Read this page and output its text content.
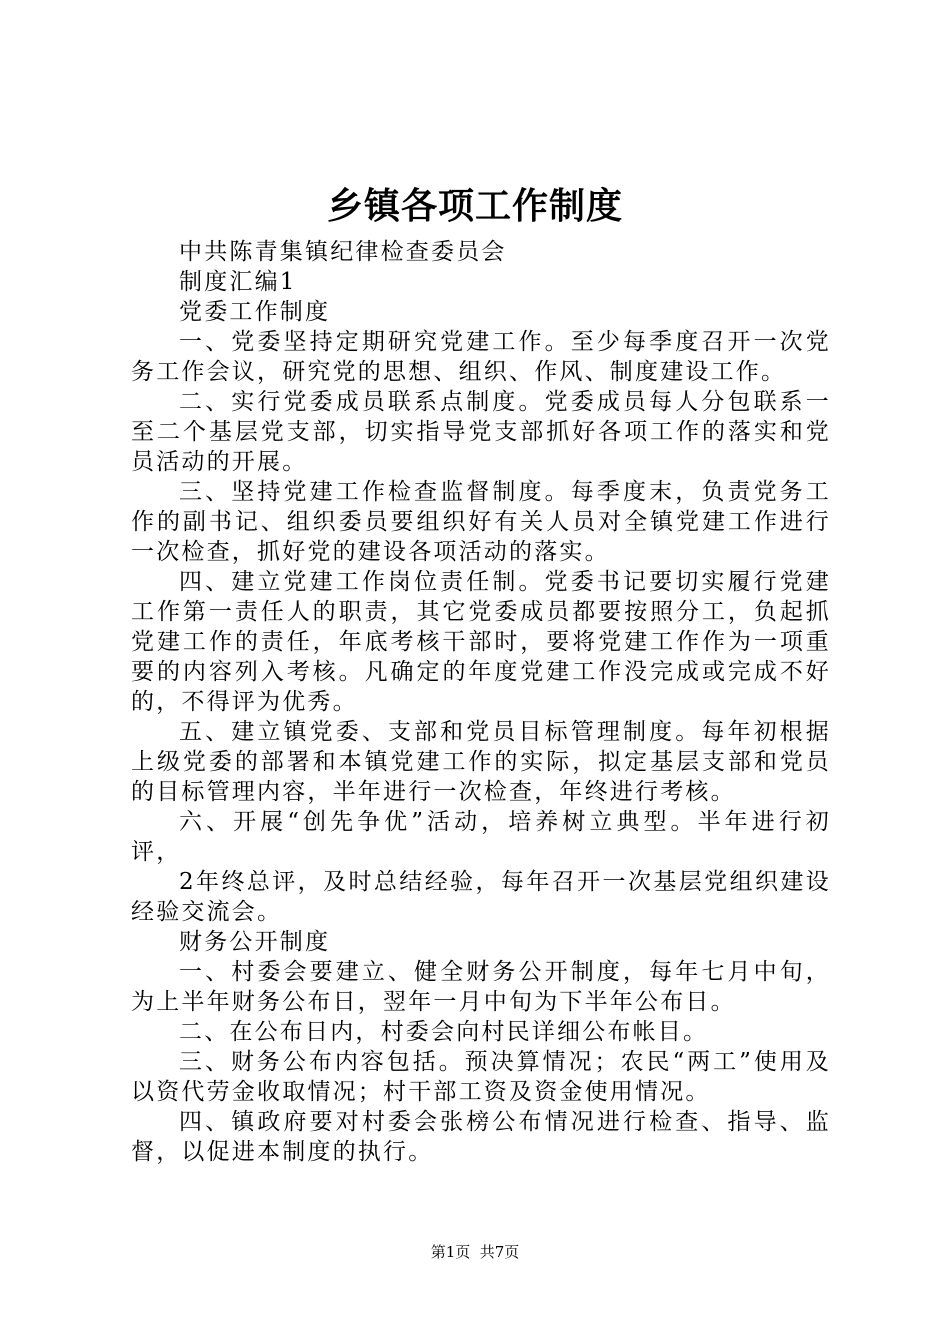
乡镇各项工作制度

中共陈青集镇纪律检查委员会

制度汇编1

党委工作制度

一、党委坚持定期研究党建工作。至少每季度召开一次党务工作会议，研究党的思想、组织、作风、制度建设工作。

二、实行党委成员联系点制度。党委成员每人分包联系一至二个基层党支部，切实指导党支部抓好各项工作的落实和党员活动的开展。

三、坚持党建工作检查监督制度。每季度末，负责党务工作的副书记、组织委员要组织好有关人员对全镇党建工作进行一次检查，抓好党的建设各项活动的落实。

四、建立党建工作岗位责任制。党委书记要切实履行党建工作第一责任人的职责，其它党委成员都要按照分工，负起抓党建工作的责任，年底考核干部时，要将党建工作作为一项重要的内容列入考核。凡确定的年度党建工作没完成或完成不好的，不得评为优秀。

五、建立镇党委、支部和党员目标管理制度。每年初根据上级党委的部署和本镇党建工作的实际，拟定基层支部和党员的目标管理内容，半年进行一次检查，年终进行考核。

六、开展“创先争优”活动，培养树立典型。半年进行初评，

2年终总评，及时总结经验，每年召开一次基层党组织建设经验交流会。

财务公开制度

一、村委会要建立、健全财务公开制度，每年七月中旬，为上半年财务公布日，翌年一月中旬为下半年公布日。

二、在公布日内，村委会向村民详细公布帐目。

三、财务公布内容包括。预决算情况；农民“两工”使用及以资代劳金收取情况；村干部工资及资金使用情况。

四、镇政府要对村委会张榜公布情况进行检查、指导、监督，以促进本制度的执行。

第1页  共7页
